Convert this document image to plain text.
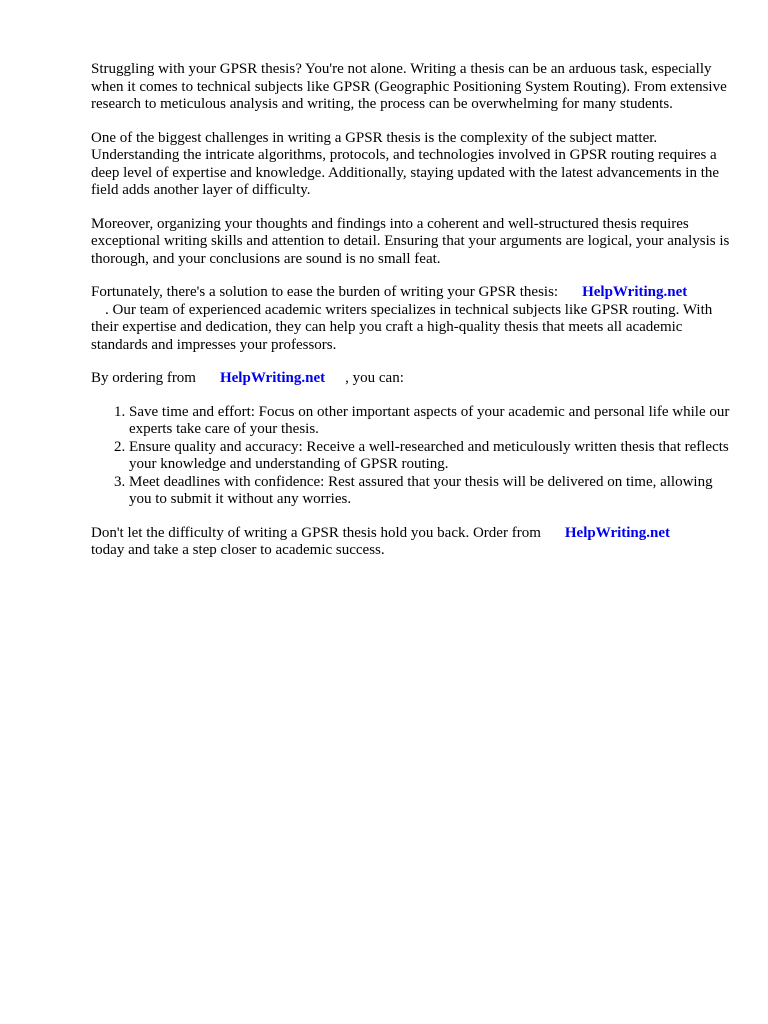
Struggling with your GPSR thesis? You're not alone. Writing a thesis can be an arduous task, especially when it comes to technical subjects like GPSR (Geographic Positioning System Routing). From extensive research to meticulous analysis and writing, the process can be overwhelming for many students.

One of the biggest challenges in writing a GPSR thesis is the complexity of the subject matter. Understanding the intricate algorithms, protocols, and technologies involved in GPSR routing requires a deep level of expertise and knowledge. Additionally, staying updated with the latest advancements in the field adds another layer of difficulty.

Moreover, organizing your thoughts and findings into a coherent and well-structured thesis requires exceptional writing skills and attention to detail. Ensuring that your arguments are logical, your analysis is thorough, and your conclusions are sound is no small feat.

Fortunately, there's a solution to ease the burden of writing your GPSR thesis: HelpWriting.net
. Our team of experienced academic writers specializes in technical subjects like GPSR routing. With their expertise and dedication, they can help you craft a high-quality thesis that meets all academic standards and impresses your professors.

By ordering from HelpWriting.net , you can:

1. Save time and effort: Focus on other important aspects of your academic and personal life while our experts take care of your thesis.
2. Ensure quality and accuracy: Receive a well-researched and meticulously written thesis that reflects your knowledge and understanding of GPSR routing.
3. Meet deadlines with confidence: Rest assured that your thesis will be delivered on time, allowing you to submit it without any worries.

Don't let the difficulty of writing a GPSR thesis hold you back. Order from HelpWriting.net
today and take a step closer to academic success.
